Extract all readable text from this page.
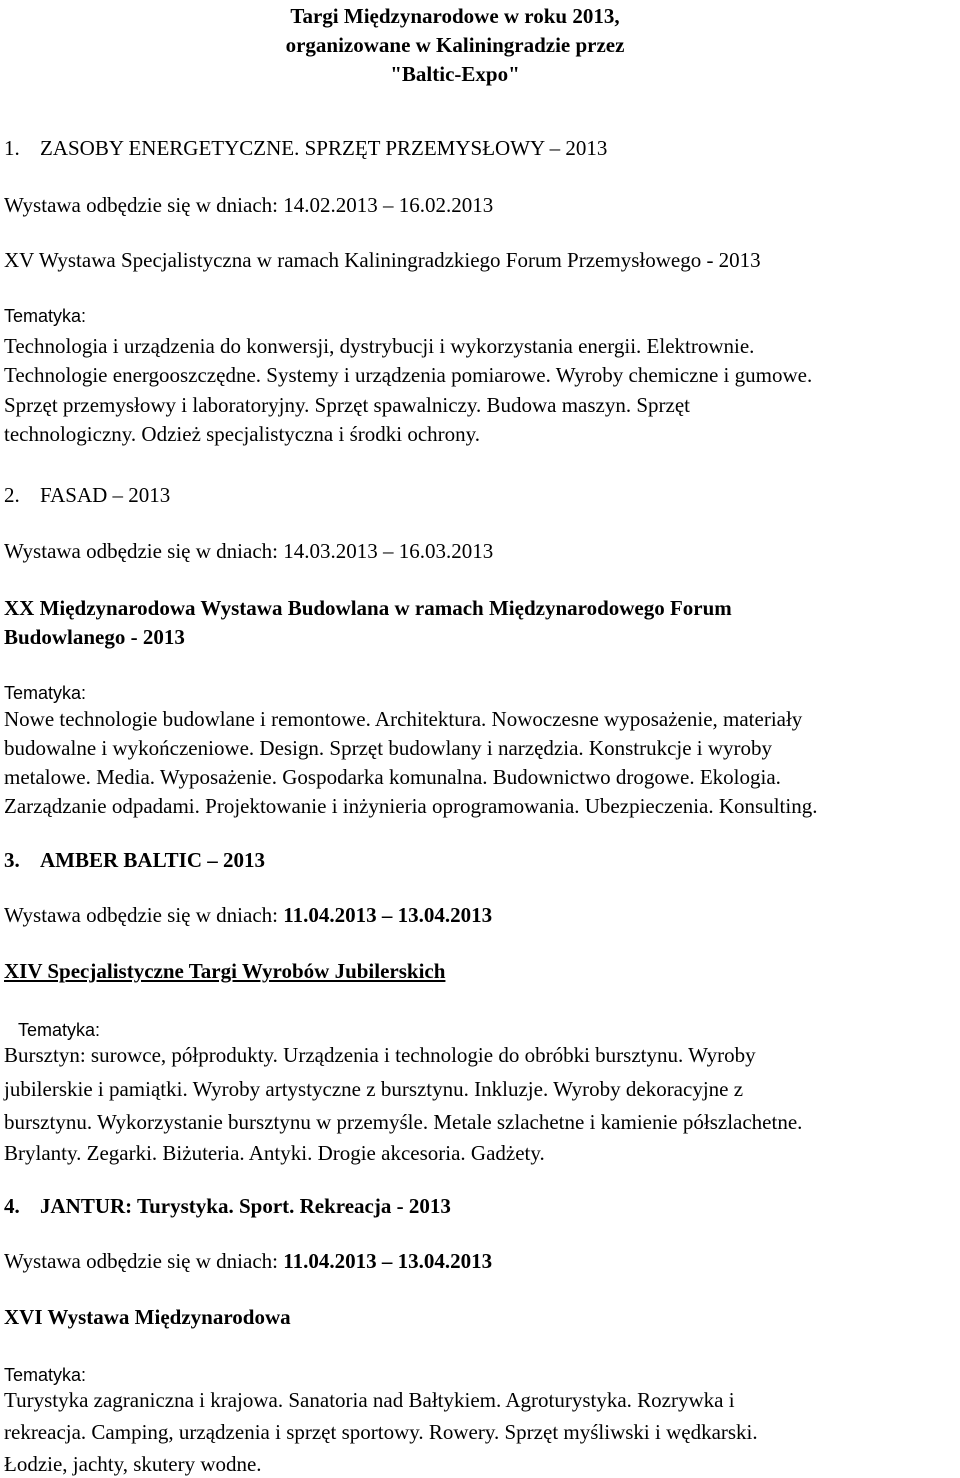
Targi Międzynarodowe w roku 2013,
organizowane w Kaliningradzie przez
"Baltic-Expo"
1. ZASOBY ENERGETYCZNE. SPRZĘT PRZEMYSŁOWY – 2013
Wystawa odbędzie się w dniach: 14.02.2013 – 16.02.2013
XV Wystawa Specjalistyczna w ramach Kaliningradzkiego Forum Przemysłowego - 2013
Tematyka:
Technologia i urządzenia do konwersji, dystrybucji i wykorzystania energii. Elektrownie.
Technologie energooszczędne. Systemy i urządzenia pomiarowe. Wyroby chemiczne i gumowe.
Sprzęt przemysłowy i laboratoryjny. Sprzęt spawalniczy. Budowa maszyn. Sprzęt
technologiczny. Odzież specjalistyczna i środki ochrony.
2. FASAD – 2013
Wystawa odbędzie się w dniach: 14.03.2013 – 16.03.2013
XX Międzynarodowa Wystawa Budowlana w ramach Międzynarodowego Forum
Budowlanego - 2013
Tematyka:
Nowe technologie budowlane i remontowe. Architektura. Nowoczesne wyposażenie, materiały
budowalne i wykończeniowe. Design. Sprzęt budowlany i narzędzia. Konstrukcje i wyroby
metalowe. Media. Wyposażenie. Gospodarka komunalna. Budownictwo drogowe. Ekologia.
Zarządzanie odpadami. Projektowanie i inżynieria oprogramowania. Ubezpieczenia. Konsulting.
3. AMBER BALTIC – 2013
Wystawa odbędzie się w dniach: 11.04.2013 – 13.04.2013
XIV Specjalistyczne Targi Wyrobów Jubilerskich
Tematyka:
Bursztyn: surowce, półprodukty. Urządzenia i technologie do obróbki bursztynu. Wyroby
jubilerskie i pamiątki. Wyroby artystyczne z bursztynu. Inkluzje. Wyroby dekoracyjne z
bursztynu. Wykorzystanie bursztynu w przemyśle. Metale szlachetne i kamienie półszlachetne.
Brylanty. Zegarki. Biżuteria. Antyki. Drogie akcesoria. Gadżety.
4. JANTUR: Turystyka. Sport. Rekreacja - 2013
Wystawa odbędzie się w dniach: 11.04.2013 – 13.04.2013
XVI Wystawa Międzynarodowa
Tematyka:
Turystyka zagraniczna i krajowa. Sanatoria nad Bałtykiem. Agroturystyka. Rozrywka i
rekreacja. Camping, urządzenia i sprzęt sportowy. Rowery. Sprzęt myśliwski i wędkarski.
Łodzie, jachty, skutery wodne.
